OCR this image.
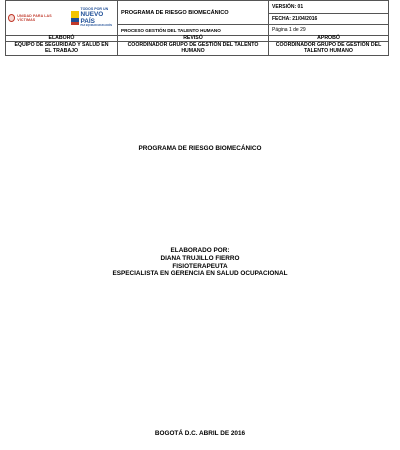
UNIDAD PARA LAS VÍCTIMAS
TODOS POR UN
NUEVO PAÍS
PAZ EQUIDAD EDUCACIÓN	PROGRAMA DE RIESGO BIOMECÁNICO	VERSIÓN: 01
		FECHA: 21/04/2016
	PROCESO GESTIÓN DEL TALENTO HUMANO	Página 1 de 29
ELABORÓ	REVISÓ	APROBÓ

EQUIPO DE SEGURIDAD Y SALUD EN EL TRABAJO	COORDINADOR GRUPO DE GESTIÓN DEL TALENTO HUMANO	COORDINADOR GRUPO DE GESTIÓN DEL TALENTO HUMANO
PROGRAMA DE RIESGO BIOMECÁNICO
ELABORADO POR:
DIANA TRUJILLO FIERRO
FISIOTERAPEUTA
ESPECIALISTA EN GERENCIA EN SALUD OCUPACIONAL
BOGOTÁ D.C. ABRIL DE 2016
